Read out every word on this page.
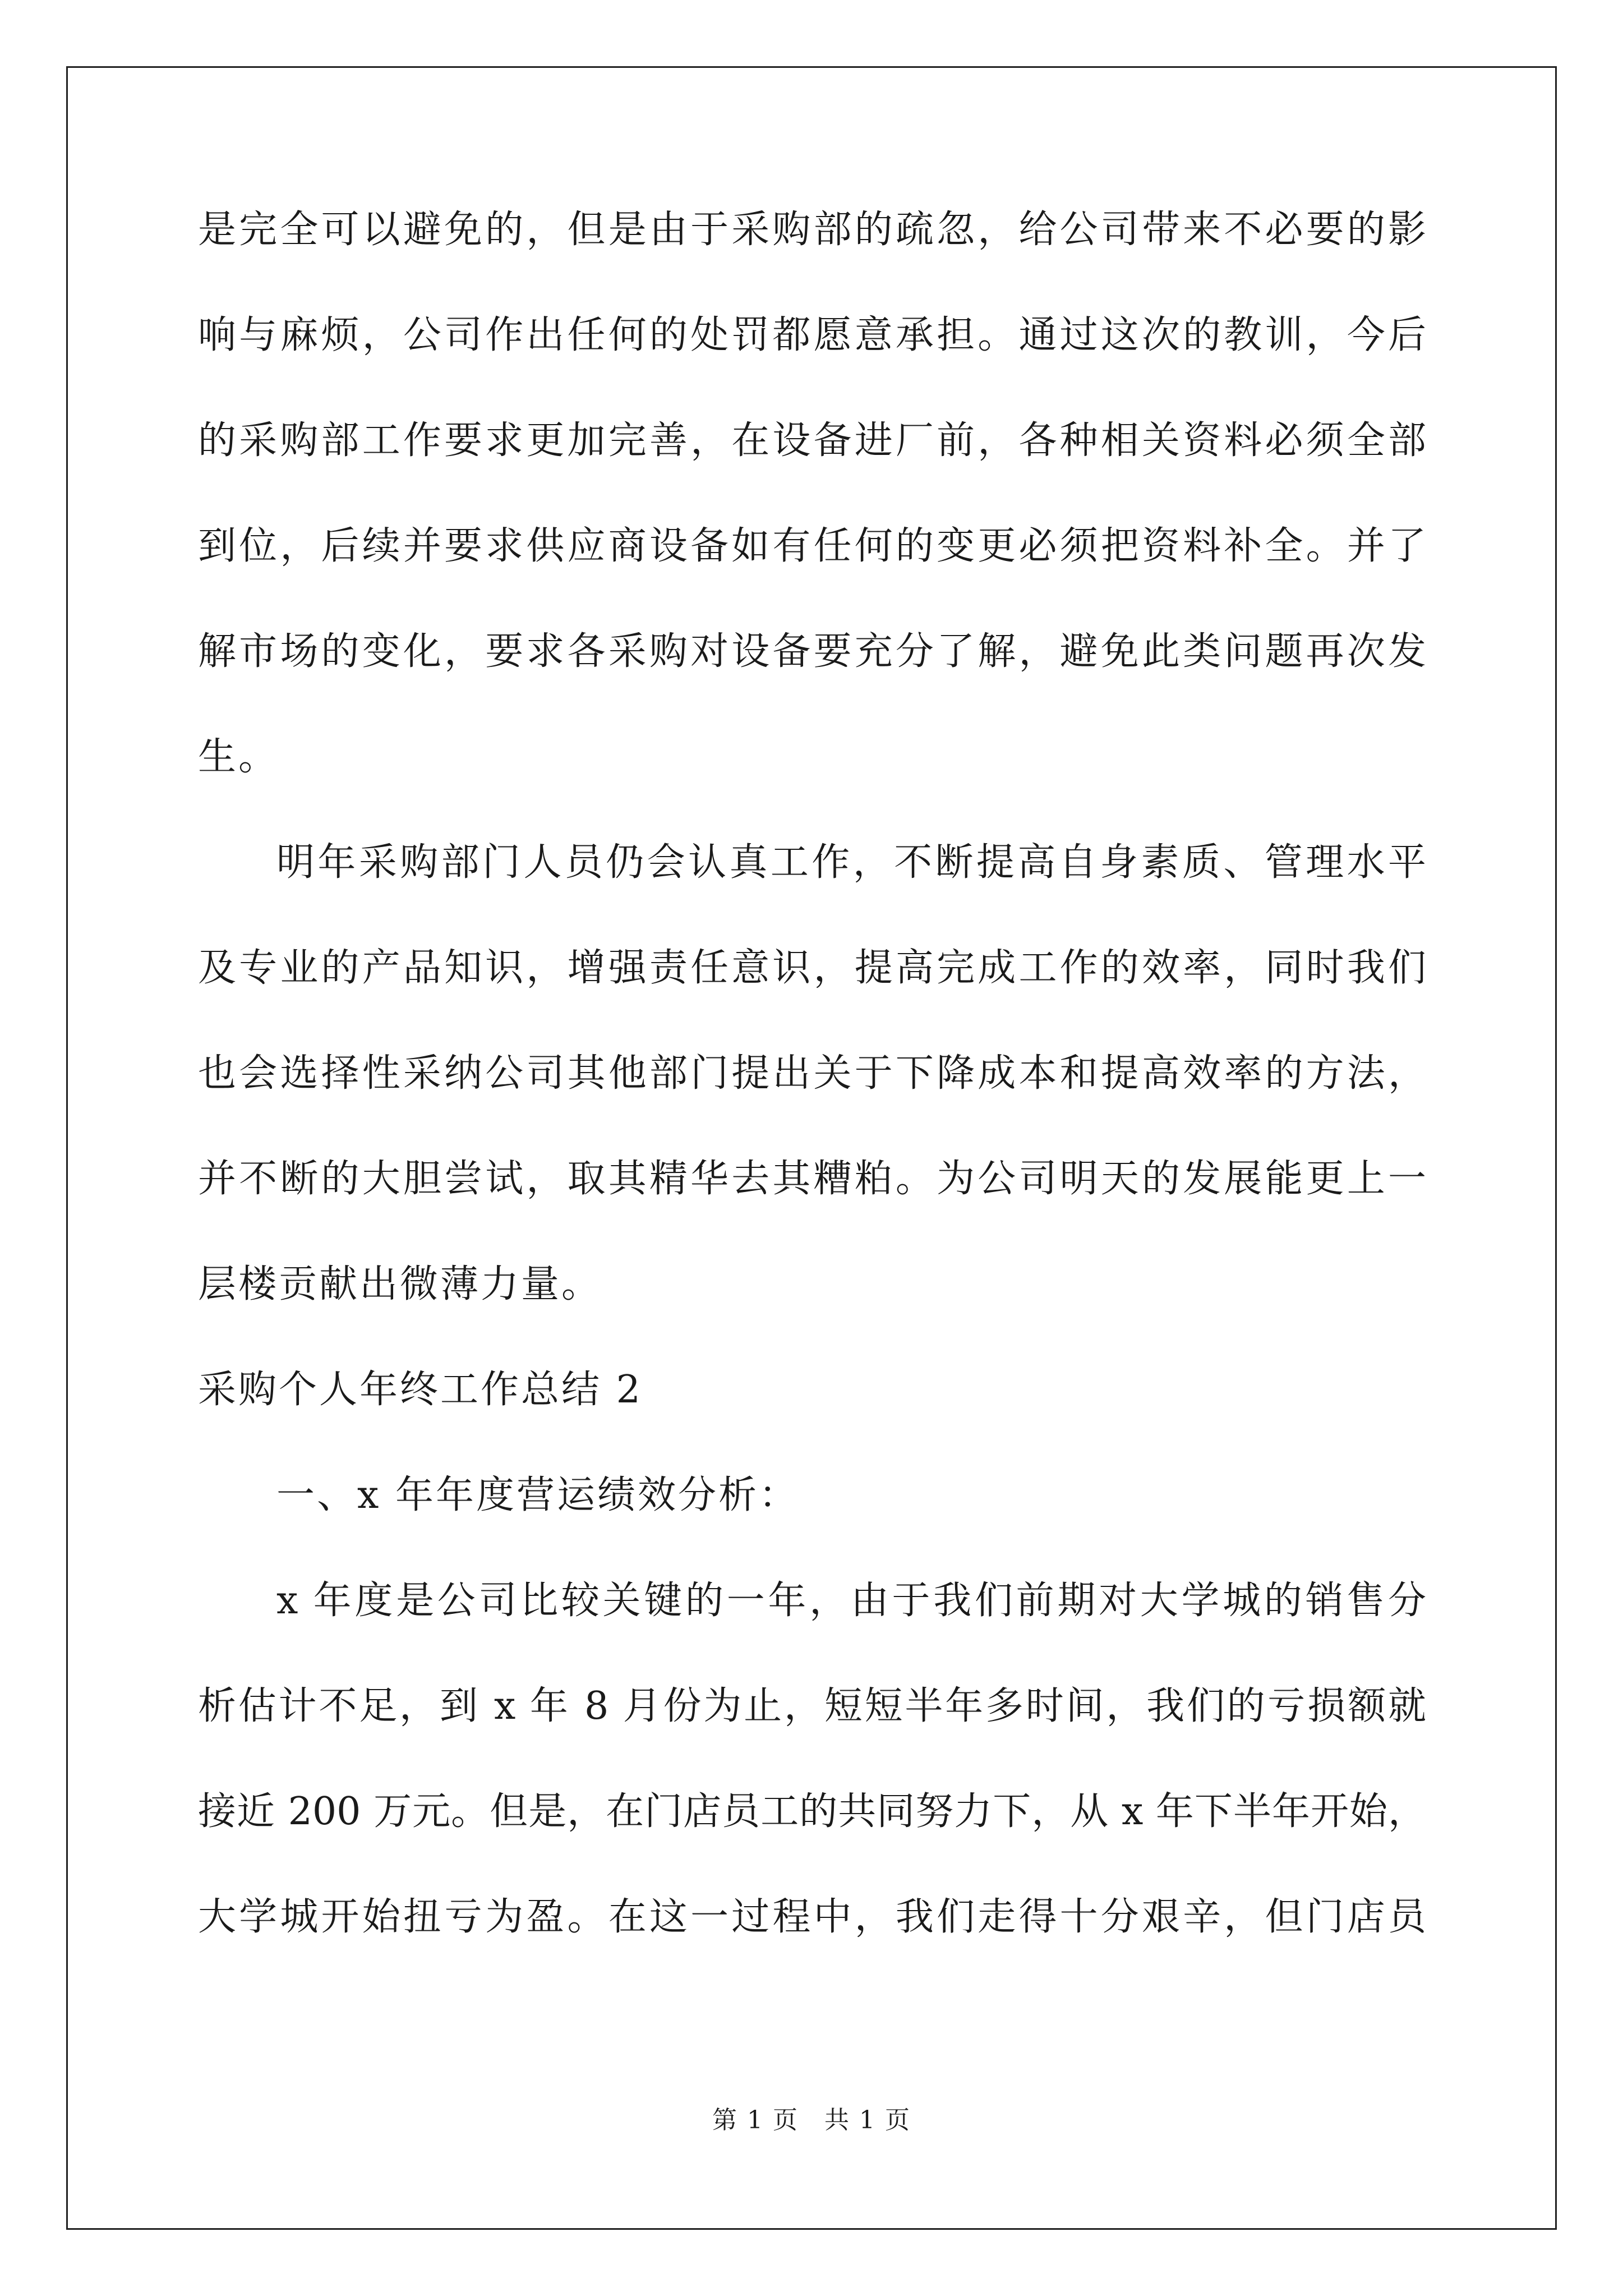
是完全可以避免的，但是由于采购部的疏忽，给公司带来不必要的影
响与麻烦，公司作出任何的处罚都愿意承担。通过这次的教训，今后
的采购部工作要求更加完善，在设备进厂前，各种相关资料必须全部
到位，后续并要求供应商设备如有任何的变更必须把资料补全。并了
解市场的变化，要求各采购对设备要充分了解，避免此类问题再次发
生。
明年采购部门人员仍会认真工作，不断提高自身素质、管理水平
及专业的产品知识，增强责任意识，提高完成工作的效率，同时我们
也会选择性采纳公司其他部门提出关于下降成本和提高效率的方法，
并不断的大胆尝试，取其精华去其糟粕。为公司明天的发展能更上一
层楼贡献出微薄力量。
采购个人年终工作总结 2
一、x 年年度营运绩效分析：
x 年度是公司比较关键的一年，由于我们前期对大学城的销售分
析估计不足，到 x 年 8 月份为止，短短半年多时间，我们的亏损额就
接近 200 万元。但是，在门店员工的共同努力下，从 x 年下半年开始，
大学城开始扭亏为盈。在这一过程中，我们走得十分艰辛，但门店员
第 1 页　共 1 页
